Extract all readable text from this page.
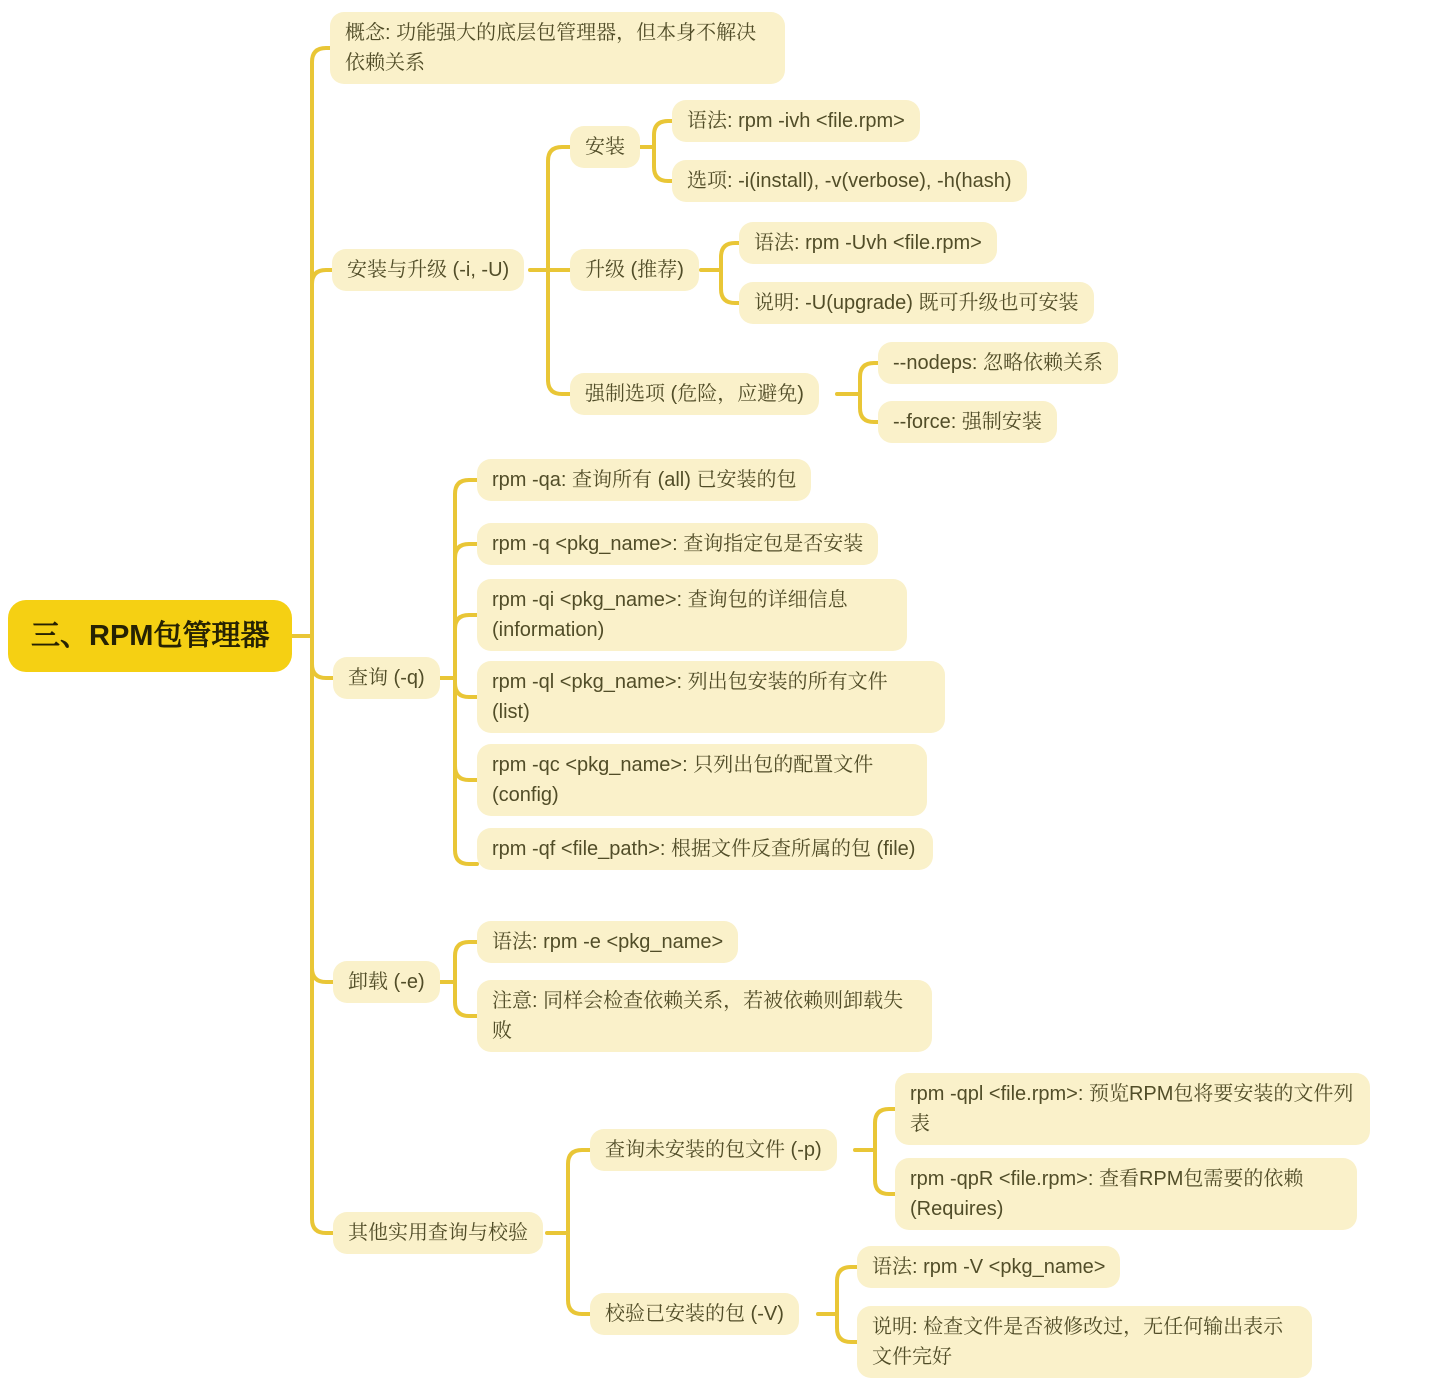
三、RPM包管理器
概念: 功能强大的底层包管理器，但本身不解决依赖关系
安装与升级 (-i, -U)
查询 (-q)
卸载 (-e)
其他实用查询与校验
安装
语法: rpm -ivh <file.rpm>
选项: -i(install), -v(verbose), -h(hash)
升级 (推荐)
语法: rpm -Uvh <file.rpm>
说明: -U(upgrade) 既可升级也可安装
强制选项 (危险，应避免)
--nodeps: 忽略依赖关系
--force: 强制安装
rpm -qa: 查询所有 (all) 已安装的包
rpm -q <pkg_name>: 查询指定包是否安装
rpm -qi <pkg_name>: 查询包的详细信息 (information)
rpm -ql <pkg_name>: 列出包安装的所有文件 (list)
rpm -qc <pkg_name>: 只列出包的配置文件 (config)
rpm -qf <file_path>: 根据文件反查所属的包 (file)
语法: rpm -e <pkg_name>
注意: 同样会检查依赖关系，若被依赖则卸载失败
查询未安装的包文件 (-p)
rpm -qpl <file.rpm>: 预览RPM包将要安装的文件列表
rpm -qpR <file.rpm>: 查看RPM包需要的依赖 (Requires)
校验已安装的包 (-V)
语法: rpm -V <pkg_name>
说明: 检查文件是否被修改过，无任何输出表示文件完好
